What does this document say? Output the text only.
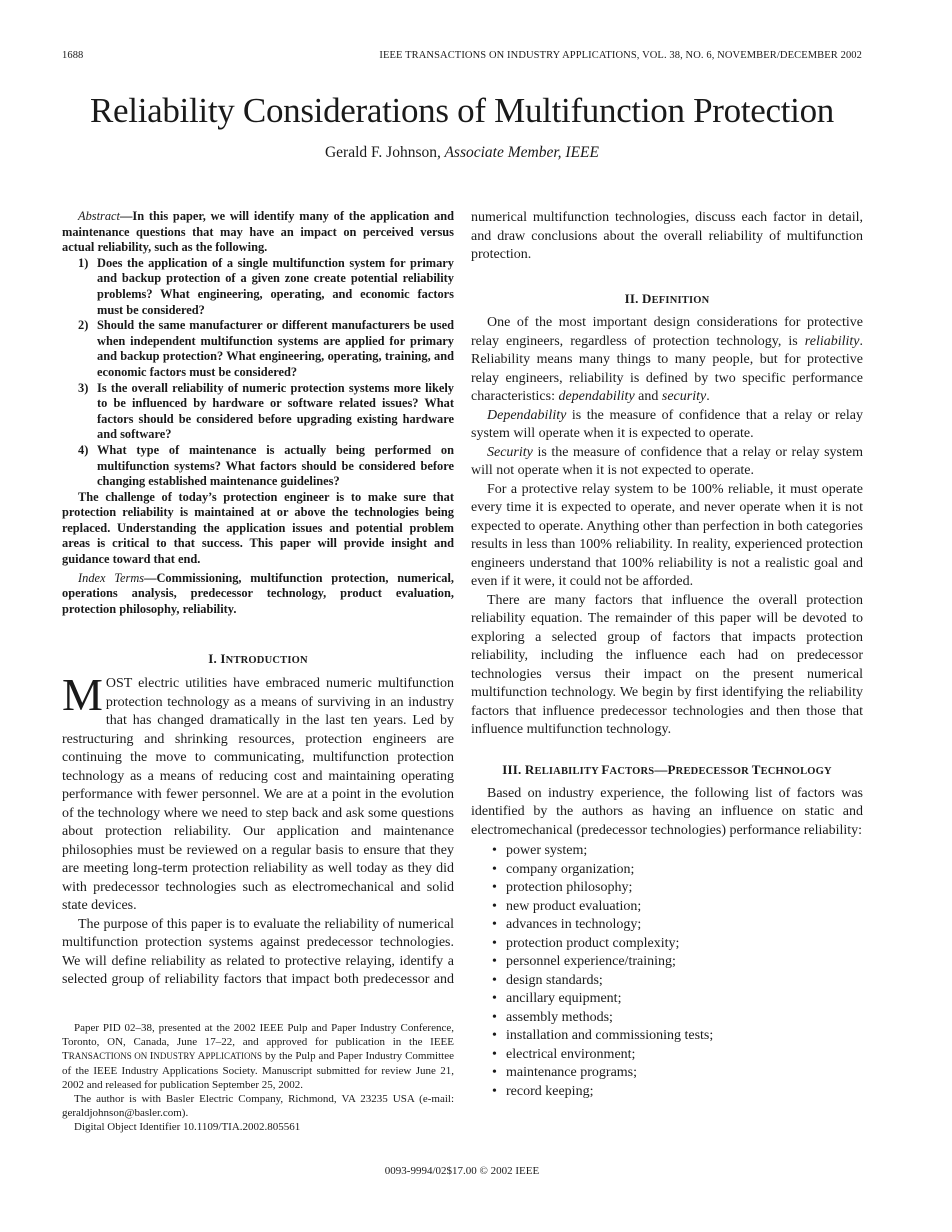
1688	IEEE TRANSACTIONS ON INDUSTRY APPLICATIONS, VOL. 38, NO. 6, NOVEMBER/DECEMBER 2002
Reliability Considerations of Multifunction Protection
Gerald F. Johnson, Associate Member, IEEE

Abstract—In this paper, we will identify many of the application and maintenance questions that may have an impact on perceived versus actual reliability, such as the following.

1) Does the application of a single multifunction system for primary and backup protection of a given zone create potential reliability problems? What engineering, operating, and economic factors must be considered?
2) Should the same manufacturer or different manufacturers be used when independent multifunction systems are applied for primary and backup protection? What engineering, operating, training, and economic factors must be considered?
3) Is the overall reliability of numeric protection systems more likely to be influenced by hardware or software related issues? What factors should be considered before upgrading existing hardware and software?
4) What type of maintenance is actually being performed on multifunction systems? What factors should be considered before changing established maintenance guidelines?

The challenge of today’s protection engineer is to make sure that protection reliability is maintained at or above the technologies being replaced. Understanding the application issues and potential problem areas is critical to that success. This paper will provide insight and guidance toward that end.

Index Terms—Commissioning, multifunction protection, numerical, operations analysis, predecessor technology, product evaluation, protection philosophy, reliability.

I. INTRODUCTION

MOST electric utilities have embraced numeric multifunction protection technology as a means of surviving in an industry that has changed dramatically in the last ten years. Led by restructuring and shrinking resources, protection engineers are continuing the move to communicating, multifunction protection technology as a means of reducing cost and maintaining operating performance with fewer personnel. We are at a point in the evolution of the technology where we need to step back and ask some questions about protection reliability. Our application and maintenance philosophies must be reviewed on a regular basis to ensure that they are meeting long-term protection reliability as well today as they did with predecessor technologies such as electromechanical and solid state devices.

The purpose of this paper is to evaluate the reliability of numerical multifunction protection systems against predecessor technologies. We will define reliability as related to protective relaying, identify a selected group of reliability factors that impact both predecessor and

numerical multifunction technologies, discuss each factor in detail, and draw conclusions about the overall reliability of multifunction protection.

II. DEFINITION

One of the most important design considerations for protective relay engineers, regardless of protection technology, is reliability. Reliability means many things to many people, but for protective relay engineers, reliability is defined by two specific performance characteristics: dependability and security.

Dependability is the measure of confidence that a relay or relay system will operate when it is expected to operate.

Security is the measure of confidence that a relay or relay system will not operate when it is not expected to operate.

For a protective relay system to be 100% reliable, it must operate every time it is expected to operate, and never operate when it is not expected to operate. Anything other than perfection in both categories results in less than 100% reliability. In reality, experienced protection engineers understand that 100% reliability is not a realistic goal and even if it were, it could not be afforded.

There are many factors that influence the overall protection reliability equation. The remainder of this paper will be devoted to exploring a selected group of factors that impacts protection reliability, including the influence each had on predecessor technologies versus their impact on the present numerical multifunction technology. We begin by first identifying the reliability factors that influence predecessor technologies and then those that influence multifunction technology.

III. RELIABILITY FACTORS—PREDECESSOR TECHNOLOGY

Based on industry experience, the following list of factors was identified by the authors as having an influence on static and electromechanical (predecessor technologies) performance reliability:

• power system;
• company organization;
• protection philosophy;
• new product evaluation;
• advances in technology;
• protection product complexity;
• personnel experience/training;
• design standards;
• ancillary equipment;
• assembly methods;
• installation and commissioning tests;
• electrical environment;
• maintenance programs;
• record keeping;

Paper PID 02–38, presented at the 2002 IEEE Pulp and Paper Industry Conference, Toronto, ON, Canada, June 17–22, and approved for publication in the IEEE TRANSACTIONS ON INDUSTRY APPLICATIONS by the Pulp and Paper Industry Committee of the IEEE Industry Applications Society. Manuscript submitted for review June 21, 2002 and released for publication September 25, 2002.

The author is with Basler Electric Company, Richmond, VA 23235 USA (e-mail: geraldjohnson@basler.com).

Digital Object Identifier 10.1109/TIA.2002.805561

0093-9994/02$17.00 © 2002 IEEE
